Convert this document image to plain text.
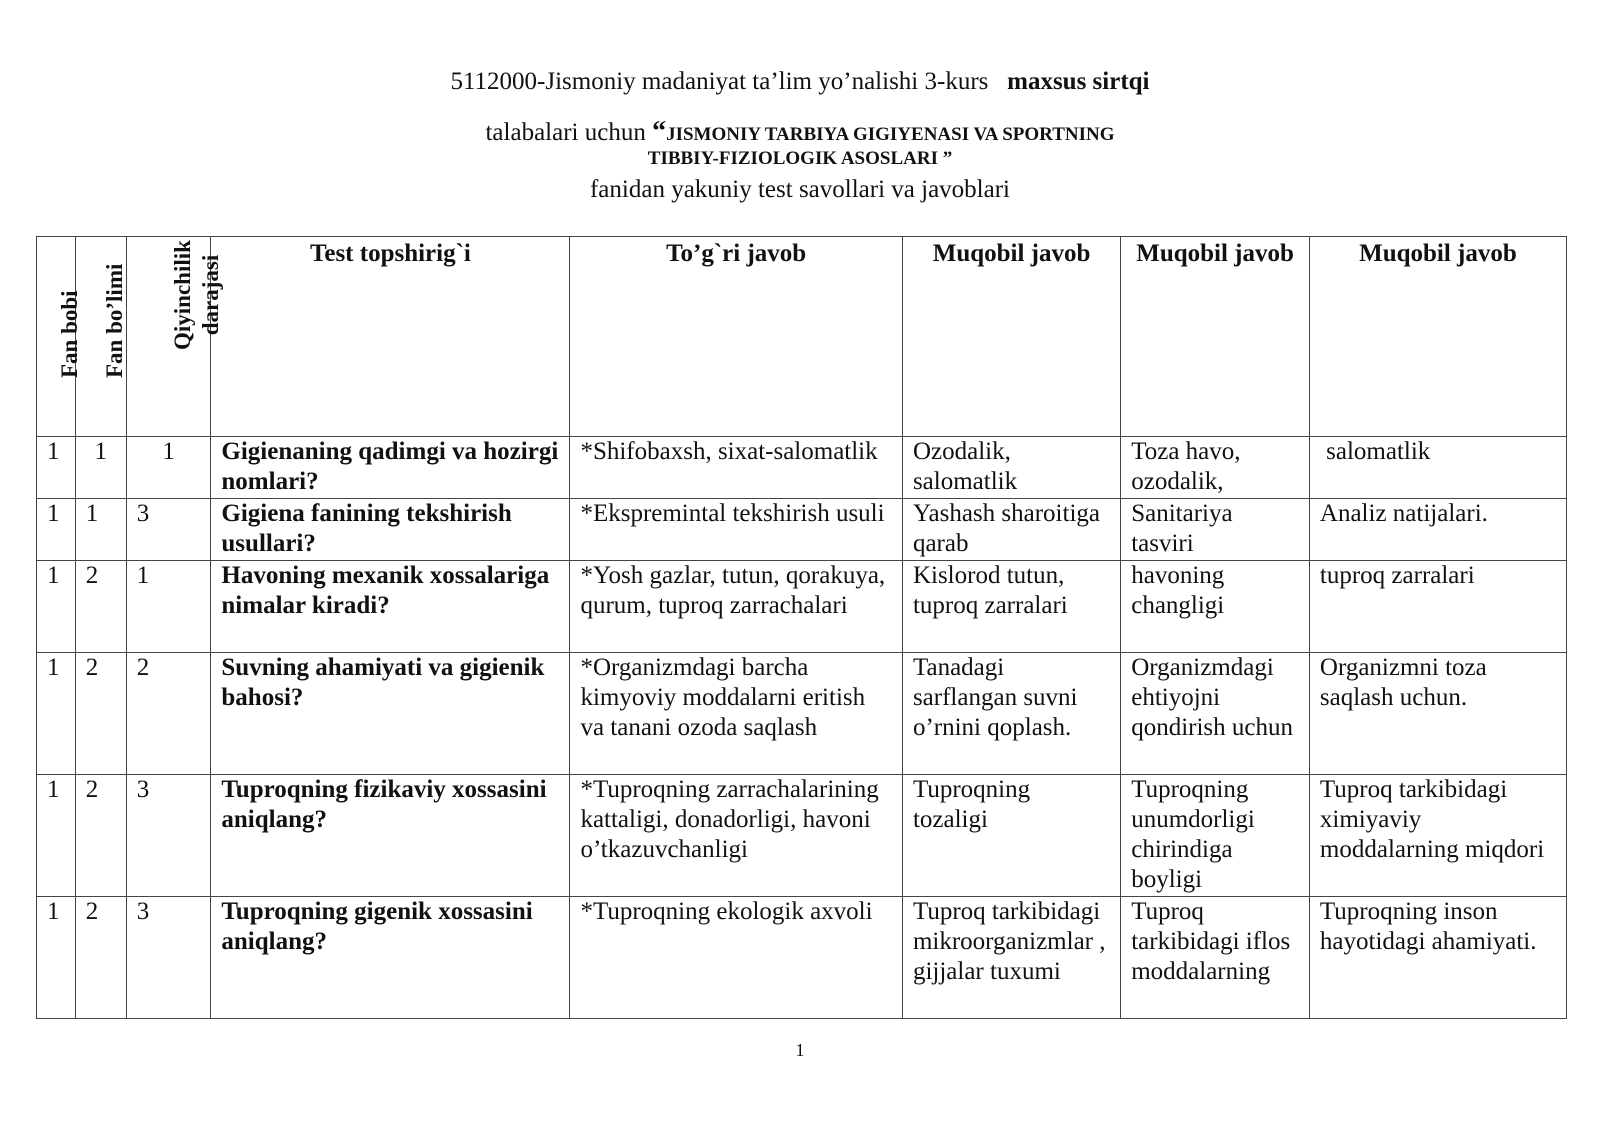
5112000-Jismoniy madaniyat ta’lim yo’nalishi 3-kurs maxsus sirtqi
talabalari uchun “JISMONIY TARBIYA GIGIYENASI VA SPORTNING
TIBBIY-FIZIOLOGIK ASOSLARI ”
fanidan yakuniy test savollari va javoblari
Fan bobi	Fan bo’limi	Qiyinchilik darajasi	Test topshirig`i	To’g`ri javob	Muqobil javob	Muqobil javob	Muqobil javob
1	1	1	Gigienaning qadimgi va hozirgi nomlari?	*Shifobaxsh, sixat-salomatlik	Ozodalik, salomatlik	Toza havo, ozodalik,	salomatlik
1	1	3	Gigiena fanining tekshirish usullari?	*Ekspremintal tekshirish usuli	Yashash sharoitiga qarab	Sanitariya tasviri	Analiz natijalari.
1	2	1	Havoning mexanik xossalariga nimalar kiradi?	*Yosh gazlar, tutun, qorakuya, qurum, tuproq zarrachalari	Kislorod tutun, tuproq zarralari	havoning changligi	tuproq zarralari
1	2	2	Suvning ahamiyati va gigienik bahosi?	*Organizmdagi barcha kimyoviy moddalarni eritish va tanani ozoda saqlash	Tanadagi sarflangan suvni o’rnini qoplash.	Organizmdagi ehtiyojni qondirish uchun	Organizmni toza saqlash uchun.
1	2	3	Tuproqning fizikaviy xossasini aniqlang?	*Tuproqning zarrachalarining kattaligi, donadorligi, havoni o’tkazuvchanligi	Tuproqning tozaligi	Tuproqning unumdorligi chirindiga boyligi	Tuproq tarkibidagi ximiyaviy moddalarning miqdori
1	2	3	Tuproqning gigenik xossasini aniqlang?	*Tuproqning ekologik axvoli	Tuproq tarkibidagi mikroorganizmlar , gijjalar tuxumi	Tuproq tarkibidagi iflos moddalarning	Tuproqning inson hayotidagi ahamiyati.
1
